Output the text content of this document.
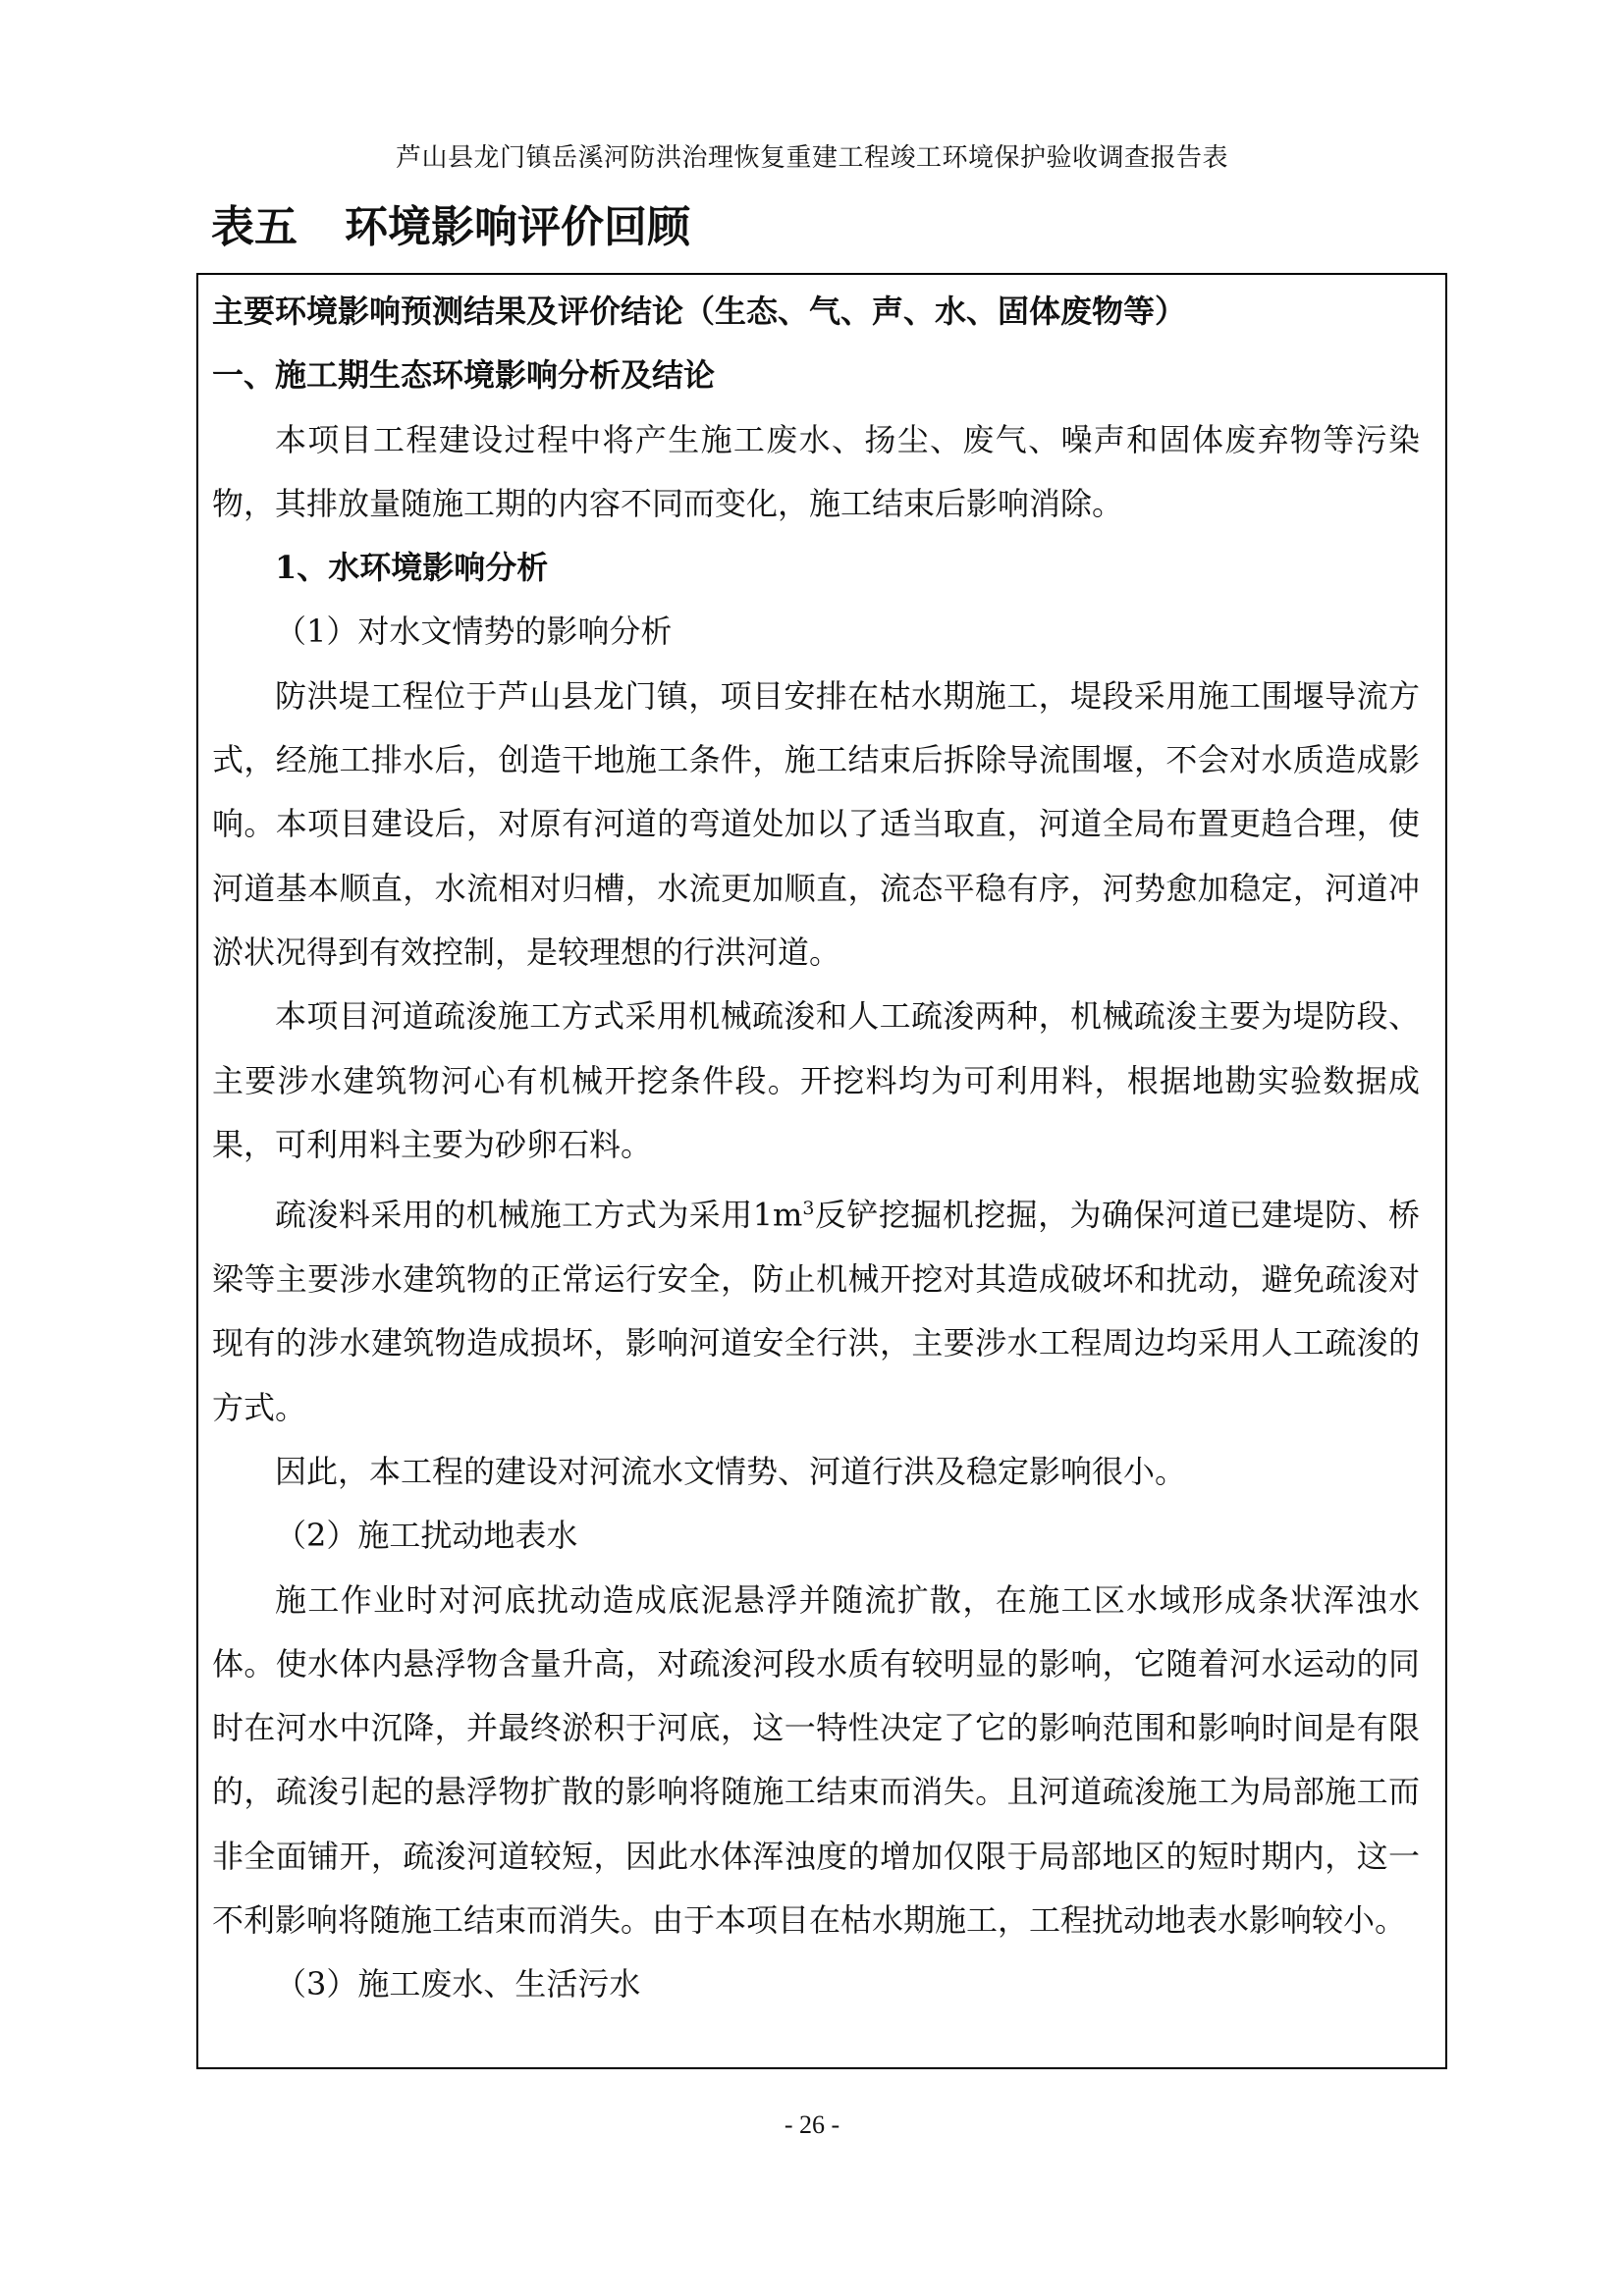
芦山县龙门镇岳溪河防洪治理恢复重建工程竣工环境保护验收调查报告表
表五 环境影响评价回顾

主要环境影响预测结果及评价结论（生态、气、声、水、固体废物等）

一、施工期生态环境影响分析及结论

本项目工程建设过程中将产生施工废水、扬尘、废气、噪声和固体废弃物等污染物，其排放量随施工期的内容不同而变化，施工结束后影响消除。

1、水环境影响分析

（1）对水文情势的影响分析

防洪堤工程位于芦山县龙门镇，项目安排在枯水期施工，堤段采用施工围堰导流方式，经施工排水后，创造干地施工条件，施工结束后拆除导流围堰，不会对水质造成影响。本项目建设后，对原有河道的弯道处加以了适当取直，河道全局布置更趋合理，使河道基本顺直，水流相对归槽，水流更加顺直，流态平稳有序，河势愈加稳定，河道冲淤状况得到有效控制，是较理想的行洪河道。

本项目河道疏浚施工方式采用机械疏浚和人工疏浚两种，机械疏浚主要为堤防段、主要涉水建筑物河心有机械开挖条件段。开挖料均为可利用料，根据地勘实验数据成果，可利用料主要为砂卵石料。

疏浚料采用的机械施工方式为采用$1m^3$反铲挖掘机挖掘，为确保河道已建堤防、桥梁等主要涉水建筑物的正常运行安全，防止机械开挖对其造成破坏和扰动，避免疏浚对现有的涉水建筑物造成损坏，影响河道安全行洪，主要涉水工程周边均采用人工疏浚的方式。

因此，本工程的建设对河流水文情势、河道行洪及稳定影响很小。

（2）施工扰动地表水

施工作业时对河底扰动造成底泥悬浮并随流扩散，在施工区水域形成条状浑浊水体。使水体内悬浮物含量升高，对疏浚河段水质有较明显的影响，它随着河水运动的同时在河水中沉降，并最终淤积于河底，这一特性决定了它的影响范围和影响时间是有限的，疏浚引起的悬浮物扩散的影响将随施工结束而消失。且河道疏浚施工为局部施工而非全面铺开，疏浚河道较短，因此水体浑浊度的增加仅限于局部地区的短时期内，这一不利影响将随施工结束而消失。由于本项目在枯水期施工，工程扰动地表水影响较小。

（3）施工废水、生活污水

- 26 -
